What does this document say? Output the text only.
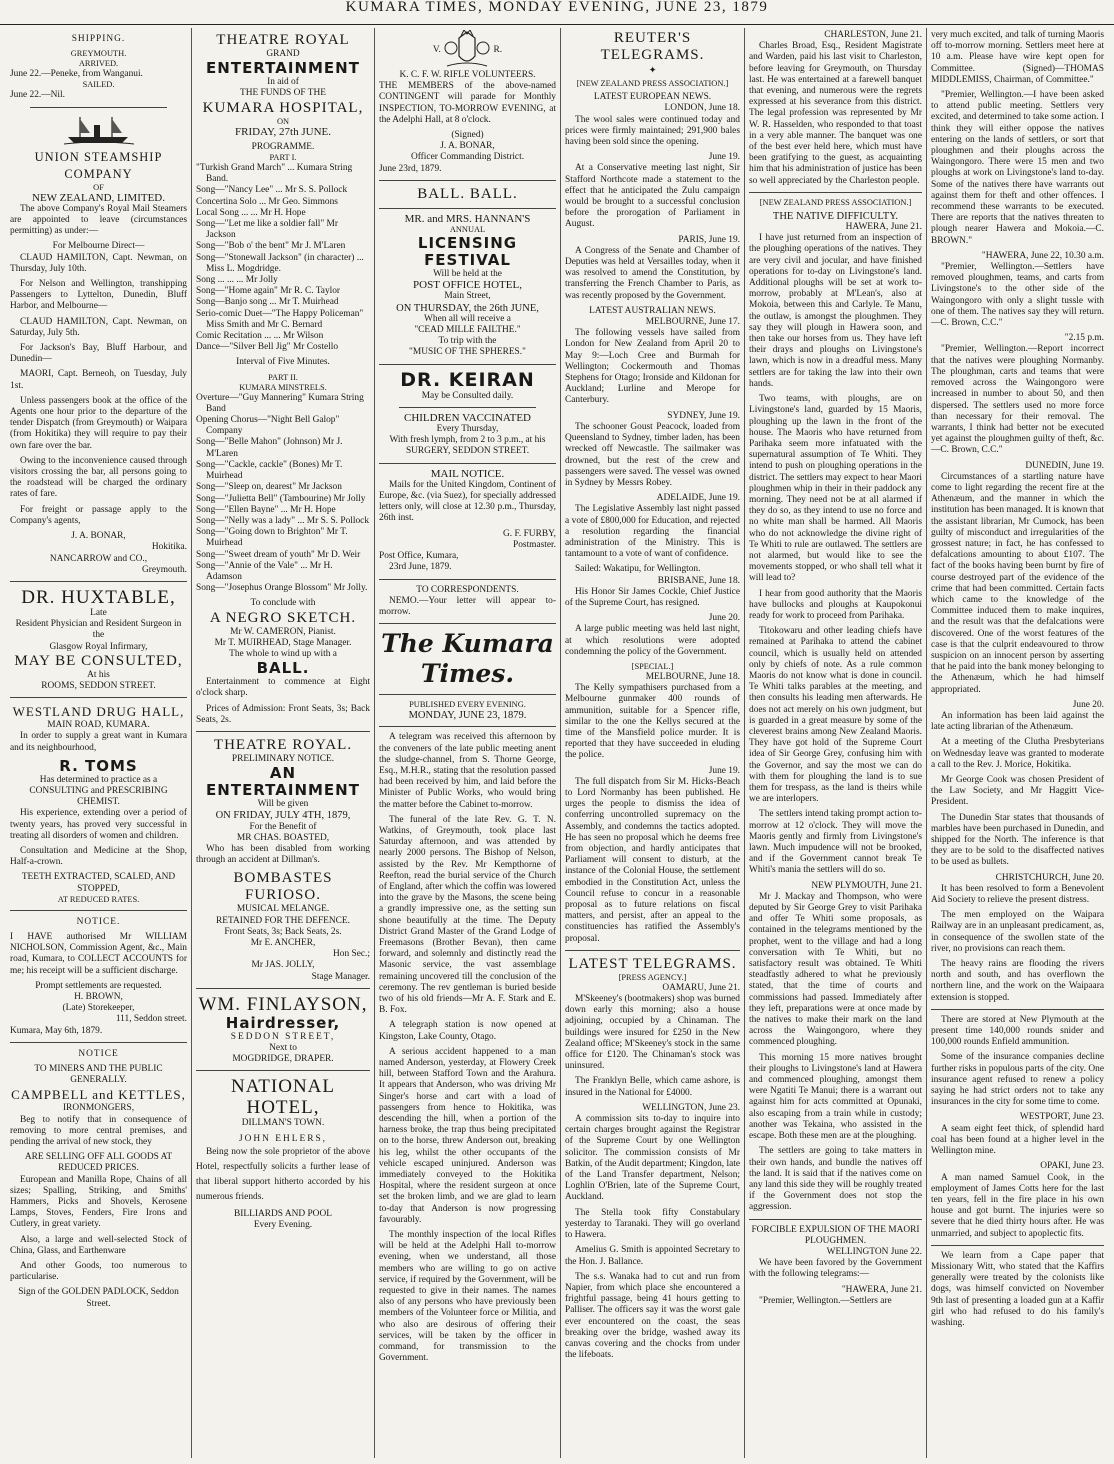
KUMARA TIMES, MONDAY EVENING, JUNE 23, 1879
SHIPPING.
GREYMOUTH.
ARRIVED.
June 22.—Peneke, from Wanganui.
SAILED.
June 22.—Nil.
UNION STEAMSHIP COMPANY
OF
NEW ZEALAND, LIMITED.

The above Company's Royal Mail Steamers are appointed to leave (circumstances permitting) as under:—

For Melbourne Direct—

CLAUD HAMILTON, Capt. Newman, on Thursday, July 10th.

For Nelson and Wellington, transhipping Passengers to Lyttelton, Dunedin, Bluff Harbor, and Melbourne—

CLAUD HAMILTON, Capt. Newman, on Saturday, July 5th.

For Jackson's Bay, Bluff Harbour, and Dunedin—

MAORI, Capt. Berneoh, on Tuesday, July 1st.

Unless passengers book at the office of the Agents one hour prior to the departure of the tender Dispatch (from Greymouth) or Waipara (from Hokitika) they will require to pay their own fare over the bar.

Owing to the inconvenience caused through visitors crossing the bar, all persons going to the roadstead will be charged the ordinary rates of fare.

For freight or passage apply to the Company's agents,

J. A. BONAR,
Hokitika.
NANCARROW and CO.,
Greymouth.
DR. HUXTABLE,
Late
Resident Physician and Resident Surgeon in the
Glasgow Royal Infirmary,
MAY BE CONSULTED,
At his
ROOMS, SEDDON STREET.
WESTLAND DRUG HALL,
MAIN ROAD, KUMARA.

In order to supply a great want in Kumara and its neighbourhood,

R. TOMS
Has determined to practice as a
CONSULTING and PRESCRIBING CHEMIST.

His experience, extending over a period of twenty years, has proved very successful in treating all disorders of women and children.

Consultation and Medicine at the Shop, Half-a-crown.

TEETH EXTRACTED, SCALED, AND STOPPED,
AT REDUCED RATES.
NOTICE.

I HAVE authorised Mr WILLIAM NICHOLSON, Commission Agent, &c., Main road, Kumara, to COLLECT ACCOUNTS for me; his receipt will be a sufficient discharge.

Prompt settlements are requested.
H. BROWN,
(Late) Storekeeper,
111, Seddon street.
Kumara, May 6th, 1879.
NOTICE
TO MINERS AND THE PUBLIC GENERALLY.
CAMPBELL and KETTLES,
IRONMONGERS,

Beg to notify that in consequence of removing to more central premises, and pending the arrival of new stock, they

ARE SELLING OFF ALL GOODS AT REDUCED PRICES.

European and Manilla Rope, Chains of all sizes; Spalling, Striking, and Smiths' Hammers, Picks and Shovels, Kerosene Lamps, Stoves, Fenders, Fire Irons and Cutlery, in great variety.

Also, a large and well-selected Stock of China, Glass, and Earthenware

And other Goods, too numerous to particularise.

Sign of the GOLDEN PADLOCK, Seddon Street.
THEATRE ROYAL
GRAND
ENTERTAINMENT
In aid of
THE FUNDS OF THE
KUMARA HOSPITAL,
ON
FRIDAY, 27th JUNE.
PROGRAMME.
PART I.

"Turkish Grand March" ... Kumara String Band.

Song—"Nancy Lee" ... Mr S. S. Pollock

Concertina Solo ... Mr Geo. Simmons

Local Song ... ... Mr H. Hope

Song—"Let me like a soldier fall" Mr Jackson

Song—"Bob o' the bent" Mr J. M'Laren

Song—"Stonewall Jackson" (in character) ... Miss L. Mogdridge.

Song ... ... ... Mr Jolly

Song—"Home again" Mr R. C. Taylor

Song—Banjo song ... Mr T. Muirhead

Serio-comic Duet—"The Happy Policeman" Miss Smith and Mr C. Bernard

Comic Recitation ... ... Mr Wilson

Dance—"Silver Bell Jig" Mr Costello

Interval of Five Minutes.
PART II.
KUMARA MINSTRELS.

Overture—"Guy Mannering" Kumara String Band

Opening Chorus—"Night Bell Galop" Company

Song—"Belle Mahon" (Johnson) Mr J. M'Laren

Song—"Cackle, cackle" (Bones) Mr T. Muirhead

Song—"Sleep on, dearest" Mr Jackson

Song—"Julietta Bell" (Tambourine) Mr Jolly

Song—"Ellen Bayne" ... Mr H. Hope

Song—"Nelly was a lady" ... Mr S. S. Pollock

Song—"Going down to Brighton" Mr T. Muirhead

Song—"Sweet dream of youth" Mr D. Weir

Song—"Annie of the Vale" ... Mr H. Adamson

Song—"Josephus Orange Blossom" Mr Jolly.

To conclude with
A NEGRO SKETCH.
Mr W. CAMERON, Pianist.
Mr T. MUIRHEAD, Stage Manager.
The whole to wind up with a
BALL.

Entertainment to commence at Eight o'clock sharp.

Prices of Admission: Front Seats, 3s; Back Seats, 2s.

THEATRE ROYAL.
PRELIMINARY NOTICE.
AN ENTERTAINMENT
Will be given
ON FRIDAY, JULY 4TH, 1879,
For the Benefit of
MR CHAS. BOASTED,

Who has been disabled from working through an accident at Dillman's.

BOMBASTES FURIOSO.
MUSICAL MELANGE.
RETAINED FOR THE DEFENCE.
Front Seats, 3s; Back Seats, 2s.
Mr E. ANCHER,
Hon Sec.;
Mr JAS. JOLLY,
Stage Manager.
WM. FINLAYSON,
Hairdresser,
SEDDON STREET,
Next to
MOGDRIDGE, DRAPER.
NATIONAL HOTEL,
DILLMAN'S TOWN.
JOHN EHLERS,

Being now the sole proprietor of the above Hotel, respectfully solicits a further lease of that liberal support hitherto accorded by his numerous friends.

BILLIARDS AND POOL
Every Evening.
V.	R.
K. C. F. W. RIFLE VOLUNTEERS.

THE MEMBERS of the above-named CONTINGENT will parade for Monthly INSPECTION, TO-MORROW EVENING, at the Adelphi Hall, at 8 o'clock.

(Signed)
J. A. BONAR,
Officer Commanding District.
June 23rd, 1879.
BALL. BALL.
MR. and MRS. HANNAN'S
ANNUAL
LICENSING FESTIVAL
Will be held at the
POST OFFICE HOTEL,
Main Street,
ON THURSDAY, the 26th JUNE,
When all will receive a
"CEAD MILLE FAILTHE."
To trip with the
"MUSIC OF THE SPHERES."
DR. KEIRAN
May be Consulted daily.
CHILDREN VACCINATED
Every Thursday,
With fresh lymph, from 2 to 3 p.m., at his
SURGERY, SEDDON STREET.
MAIL NOTICE.

Mails for the United Kingdom, Continent of Europe, &c. (via Suez), for specially addressed letters only, will close at 12.30 p.m., Thursday, 26th inst.

G. F. FURBY,
Postmaster.
Post Office, Kumara,
23rd June, 1879.
TO CORRESPONDENTS.

NEMO.—Your letter will appear to-morrow.

The Kumara Times.
PUBLISHED EVERY EVENING.
MONDAY, JUNE 23, 1879.

A telegram was received this afternoon by the conveners of the late public meeting anent the sludge-channel, from S. Thorne George, Esq., M.H.R., stating that the resolution passed had been received by him, and laid before the Minister of Public Works, who would bring the matter before the Cabinet to-morrow.

The funeral of the late Rev. G. T. N. Watkins, of Greymouth, took place last Saturday afternoon, and was attended by nearly 2000 persons. The Bishop of Nelson, assisted by the Rev. Mr Kempthorne of Reefton, read the burial service of the Church of England, after which the coffin was lowered into the grave by the Masons, the scene being a grandly impressive one, as the setting sun shone beautifully at the time. The Deputy District Grand Master of the Grand Lodge of Freemasons (Brother Bevan), then came forward, and solemnly and distinctly read the Masonic service, the vast assemblage remaining uncovered till the conclusion of the ceremony. The rev gentleman is buried beside two of his old friends—Mr A. F. Stark and E. B. Fox.

A telegraph station is now opened at Kingston, Lake County, Otago.

A serious accident happened to a man named Anderson, yesterday, at Flowery Creek hill, between Stafford Town and the Arahura. It appears that Anderson, who was driving Mr Singer's horse and cart with a load of passengers from hence to Hokitika, was descending the hill, when a portion of the harness broke, the trap thus being precipitated on to the horse, threw Anderson out, breaking his leg, whilst the other occupants of the vehicle escaped uninjured. Anderson was immediately conveyed to the Hokitika Hospital, where the resident surgeon at once set the broken limb, and we are glad to learn to-day that Anderson is now progressing favourably.

The monthly inspection of the local Rifles will be held at the Adelphi Hall to-morrow evening, when we understand, all those members who are willing to go on active service, if required by the Government, will be requested to give in their names. The names also of any persons who have previously been members of the Volunteer force or Militia, and who also are desirous of offering their services, will be taken by the officer in command, for transmission to the Government.

REUTER'S TELEGRAMS.
✦
[NEW ZEALAND PRESS ASSOCIATION.]
LATEST EUROPEAN NEWS.
LONDON, June 18.

The wool sales were continued today and prices were firmly maintained; 291,900 bales having been sold since the opening.

June 19.

At a Conservative meeting last night, Sir Stafford Northcote made a statement to the effect that he anticipated the Zulu campaign would be brought to a successful conclusion before the prorogation of Parliament in August.

PARIS, June 19.

A Congress of the Senate and Chamber of Deputies was held at Versailles today, when it was resolved to amend the Constitution, by transferring the French Chamber to Paris, as was recently proposed by the Government.

LATEST AUSTRALIAN NEWS.
MELBOURNE, June 17.

The following vessels have sailed from London for New Zealand from April 20 to May 9:—Loch Cree and Burmah for Wellington; Cockermouth and Thomas Stephens for Otago; Ironside and Kildonan for Auckland; Lurline and Merope for Canterbury.

SYDNEY, June 19.

The schooner Goust Peacock, loaded from Queensland to Sydney, timber laden, has been wrecked off Newcastle. The sailmaker was drowned, but the rest of the crew and passengers were saved. The vessel was owned in Sydney by Messrs Robey.

ADELAIDE, June 19.

The Legislative Assembly last night passed a vote of £800,000 for Education, and rejected a resolution regarding the financial administration of the Ministry. This is tantamount to a vote of want of confidence.

Sailed: Wakatipu, for Wellington.
BRISBANE, June 18.

His Honor Sir James Cockle, Chief Justice of the Supreme Court, has resigned.

June 20.

A large public meeting was held last night, at which resolutions were adopted condemning the policy of the Government.

[SPECIAL.]
MELBOURNE, June 18.

The Kelly sympathisers purchased from a Melbourne gunmaker 400 rounds of ammunition, suitable for a Spencer rifle, similar to the one the Kellys secured at the time of the Mansfield police murder. It is reported that they have succeeded in eluding the police.

June 19.

The full dispatch from Sir M. Hicks-Beach to Lord Normanby has been published. He urges the people to dismiss the idea of conferring uncontrolled supremacy on the Assembly, and condemns the tactics adopted. He has seen no proposal which he deems free from objection, and hardly anticipates that Parliament will consent to disturb, at the instance of the Colonial House, the settlement embodied in the Constitution Act, unless the Council refuse to concur in a reasonable proposal as to future relations on fiscal matters, and persist, after an appeal to the constituencies has ratified the Assembly's proposal.

LATEST TELEGRAMS.
[PRESS AGENCY.]
OAMARU, June 21.

M'Skeeney's (bootmakers) shop was burned down early this morning; also a house adjoining, occupied by a Chinaman. The buildings were insured for £250 in the New Zealand office; M'Skeeney's stock in the same office for £120. The Chinaman's stock was uninsured.

The Franklyn Belle, which came ashore, is insured in the National for £4000.

WELLINGTON, June 23.

A commission sits to-day to inquire into certain charges brought against the Registrar of the Supreme Court by one Wellington solicitor. The commission consists of Mr Batkin, of the Audit department; Kingdon, late of the Land Transfer department, Nelson; Loghlin O'Brien, late of the Supreme Court, Auckland.

The Stella took fifty Constabulary yesterday to Taranaki. They will go overland to Hawera.

Amelius G. Smith is appointed Secretary to the Hon. J. Ballance.

The s.s. Wanaka had to cut and run from Napier, from which place she encountered a frightful passage, being 41 hours getting to Palliser. The officers say it was the worst gale ever encountered on the coast, the seas breaking over the bridge, washed away its canvas covering and the chocks from under the lifeboats.

CHARLESTON, June 21.

Charles Broad, Esq., Resident Magistrate and Warden, paid his last visit to Charleston, before leaving for Greymouth, on Thursday last. He was entertained at a farewell banquet that evening, and numerous were the regrets expressed at his severance from this district. The legal profession was represented by Mr W. R. Hasselden, who responded to that toast in a very able manner. The banquet was one of the best ever held here, which must have been gratifying to the guest, as acquainting him that his administration of justice has been so well appreciated by the Charleston people.

[NEW ZEALAND PRESS ASSOCIATION.]
THE NATIVE DIFFICULTY.
HAWERA, June 21.

I have just returned from an inspection of the ploughing operations of the natives. They are very civil and jocular, and have finished operations for to-day on Livingstone's land. Additional ploughs will be set at work to-morrow, probably at M'Lean's, also at Mokoia, between this and Carlyle. Te Manu, the outlaw, is amongst the ploughmen. They say they will plough in Hawera soon, and then take our horses from us. They have left their drays and ploughs on Livingstone's lawn, which is now in a dreadful mess. Many settlers are for taking the law into their own hands.

Two teams, with ploughs, are on Livingstone's land, guarded by 15 Maoris, ploughing up the lawn in the front of the house. The Maoris who have returned from Parihaka seem more infatuated with the supernatural assumption of Te Whiti. They intend to push on ploughing operations in the district. The settlers may expect to hear Maori ploughmen whip in their in their paddock any morning. They need not be at all alarmed if they do so, as they intend to use no force and no white man shall be harmed. All Maoris who do not acknowledge the divine right of Te Whiti to rule are outlawed. The settlers are not alarmed, but would like to see the movements stopped, or who shall tell what it will lead to?

I hear from good authority that the Maoris have bullocks and ploughs at Kaupokonui ready for work to proceed from Parihaka.

Titokowaru and other leading chiefs have remained at Parihaka to attend the cabinet council, which is usually held on attended only by chiefs of note. As a rule common Maoris do not know what is done in council. Te Whiti talks parables at the meeting, and then consults his leading men afterwards. He does not act merely on his own judgment, but is guarded in a great measure by some of the cleverest brains among New Zealand Maoris. They have got hold of the Supreme Court idea of Sir George Grey, confusing him with the Governor, and say the most we can do with them for ploughing the land is to sue them for trespass, as the land is theirs while we are interlopers.

The settlers intend taking prompt action to-morrow at 12 o'clock. They will move the Maoris gently and firmly from Livingstone's lawn. Much impudence will not be brooked, and if the Government cannot break Te Whiti's mania the settlers will do so.

NEW PLYMOUTH, June 21.

Mr J. Mackay and Thompson, who were deputed by Sir George Grey to visit Parihaka and offer Te Whiti some proposals, as contained in the telegrams mentioned by the prophet, went to the village and had a long conversation with Te Whiti, but no satisfactory result was obtained. Te Whiti steadfastly adhered to what he previously stated, that the time of courts and commissions had passed. Immediately after they left, preparations were at once made by the natives to make their mark on the land across the Waingongoro, where they commenced ploughing.

This morning 15 more natives brought their ploughs to Livingstone's land at Hawera and commenced ploughing, amongst them were Ngatiti Te Manui; there is a warrant out against him for acts committed at Opunaki, also escaping from a train while in custody; another was Tekaina, who assisted in the escape. Both these men are at the ploughing.

The settlers are going to take matters in their own hands, and bundle the natives off the land. It is said that if the natives come on any land this side they will be roughly treated if the Government does not stop the aggression.

FORCIBLE EXPULSION OF THE MAORI PLOUGHMEN.
WELLINGTON June 22.

We have been favored by the Government with the following telegrams:—

"HAWERA, June 21.

"Premier, Wellington.—Settlers are

very much excited, and talk of turning Maoris off to-morrow morning. Settlers meet here at 10 a.m. Please have wire kept open for Committee. (Signed)—THOMAS MIDDLEMISS, Chairman, of Committee."

"Premier, Wellington.—I have been asked to attend public meeting. Settlers very excited, and determined to take some action. I think they will either oppose the natives entering on the lands of settlers, or sort that ploughmen and their ploughs across the Waingongoro. There were 15 men and two ploughs at work on Livingstone's land to-day. Some of the natives there have warrants out against them for theft and other offences. I recommend these warrants to be executed. There are reports that the natives threaten to plough nearer Hawera and Mokoia.—C. BROWN."

"HAWERA, June 22, 10.30 a.m.

"Premier, Wellington.—Settlers have removed ploughmen, teams, and carts from Livingstone's to the other side of the Waingongoro with only a slight tussle with one of them. The natives say they will return.—C. Brown, C.C."

"2.15 p.m.

"Premier, Wellington.—Report incorrect that the natives were ploughing Normanby. The ploughman, carts and teams that were removed across the Waingongoro were increased in number to about 50, and then dispersed. The settlers used no more force than necessary for their removal. The warrants, I think had better not be executed yet against the ploughmen guilty of theft, &c.—C. Brown, C.C."

DUNEDIN, June 19.

Circumstances of a startling nature have come to light regarding the recent fire at the Athenæum, and the manner in which the institution has been managed. It is known that the assistant librarian, Mr Cumock, has been guilty of misconduct and irregularities of the grossest nature; in fact, he has confessed to defalcations amounting to about £107. The fact of the books having been burnt by fire of course destroyed part of the evidence of the crime that had been committed. Certain facts which came to the knowledge of the Committee induced them to make inquires, and the result was that the defalcations were discovered. One of the worst features of the case is that the culprit endeavoured to throw suspicion on an innocent person by asserting that he paid into the bank money belonging to the Athenæum, which he had himself appropriated.

June 20.

An information has been laid against the late acting librarian of the Athenæum.

At a meeting of the Clutha Presbyterians on Wednesday leave was granted to moderate a call to the Rev. J. Morice, Hokitika.

Mr George Cook was chosen President of the Law Society, and Mr Haggitt Vice-President.

The Dunedin Star states that thousands of marbles have been purchased in Dunedin, and shipped for the North. The inference is that they are to be sold to the disaffected natives to be used as bullets.

CHRISTCHURCH, June 20.

It has been resolved to form a Benevolent Aid Society to relieve the present distress.

The men employed on the Waipara Railway are in an unpleasant predicament, as, in consequence of the swollen state of the river, no provisions can reach them.

The heavy rains are flooding the rivers north and south, and has overflown the northern line, and the work on the Waipaara extension is stopped.

There are stored at New Plymouth at the present time 140,000 rounds snider and 100,000 rounds Enfield ammunition.

Some of the insurance companies decline further risks in populous parts of the city. One insurance agent refused to renew a policy saying he had strict orders not to take any insurances in the city for some time to come.

WESTPORT, June 23.

A seam eight feet thick, of splendid hard coal has been found at a higher level in the Wellington mine.

OPAKI, June 23.

A man named Samuel Cook, in the employment of James Cotts here for the last ten years, fell in the fire place in his own house and got burnt. The injuries were so severe that he died thirty hours after. He was unmarried, and subject to apoplectic fits.

We learn from a Cape paper that Missionary Witt, who stated that the Kaffirs generally were treated by the colonists like dogs, was himself convicted on November 9th last of presenting a loaded gun at a Kaffir girl who had refused to do his family's washing.
